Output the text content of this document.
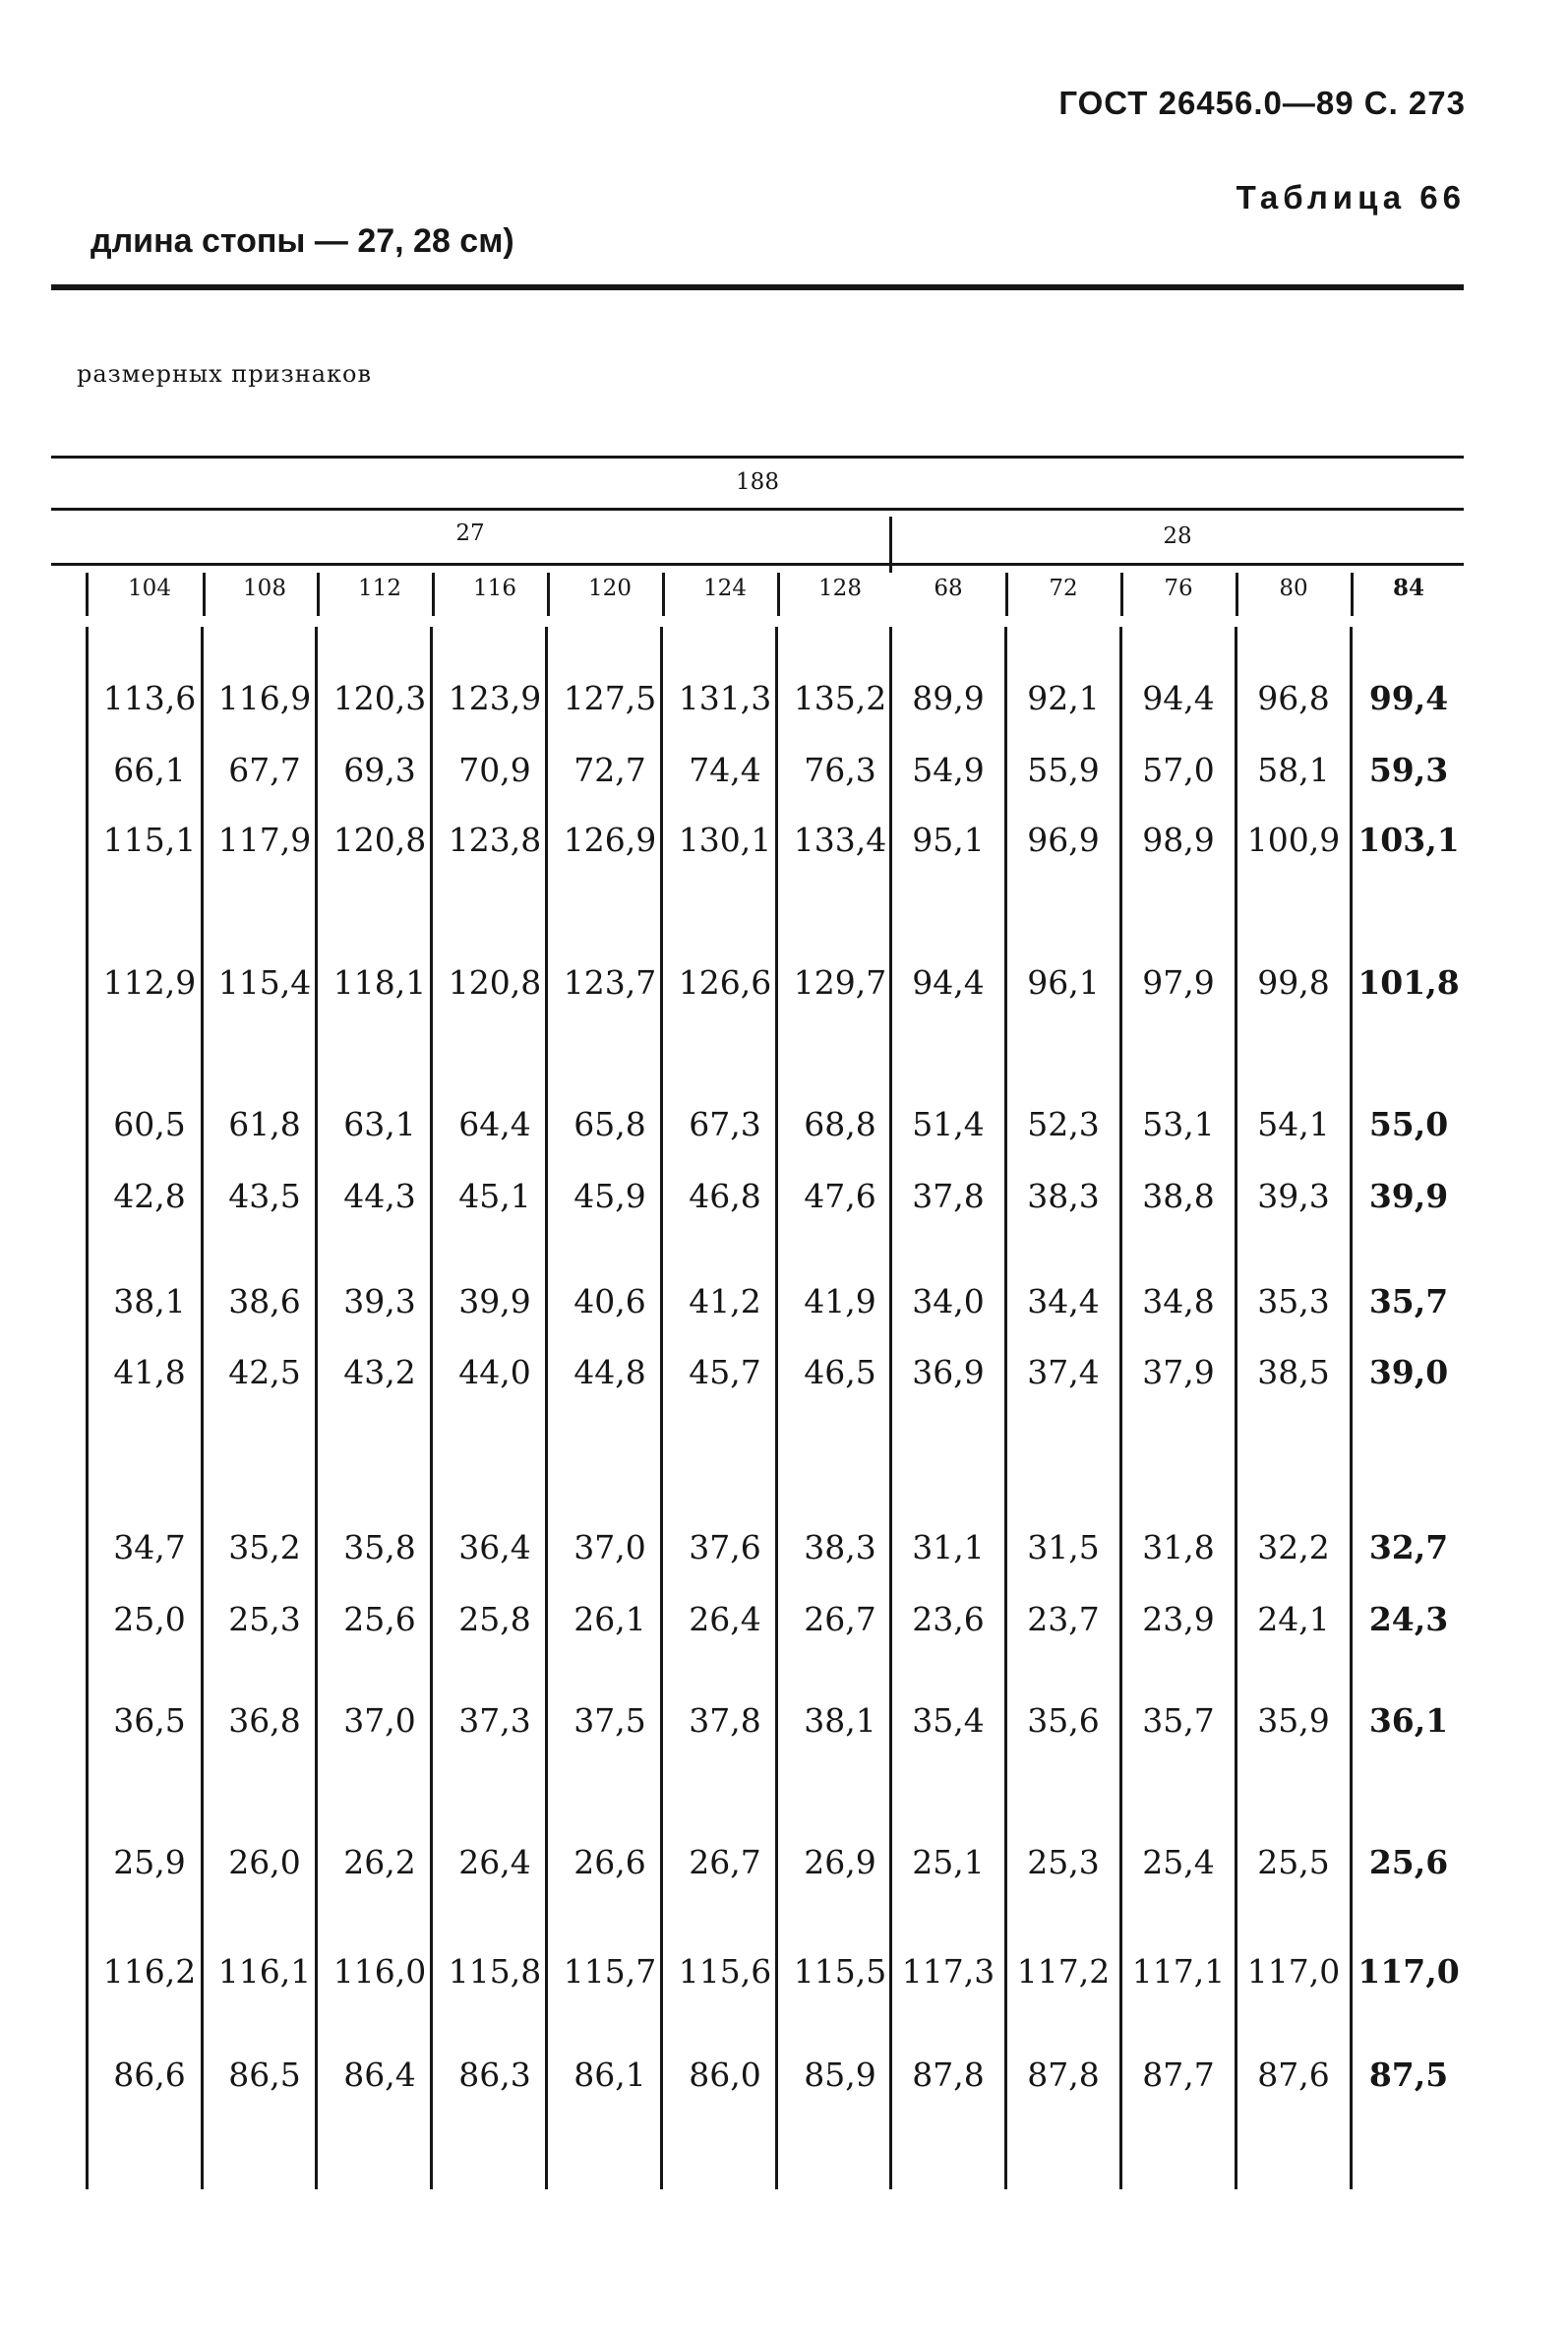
ГОСТ 26456.0—89 С. 273
Таблица 66
длина стопы — 27, 28 см)
размерных признаков
188
27	28
104	108	112	116	120	124	128	68	72	76	80	84
113,6 116,9 120,3 123,9 127,5 131,3 135,2 89,9	92,1	94,4	96,8	99,4
66,1	67,7	69,3	70,9	72,7	74,4	76,3	54,9	55,9	57,0	58,1	59,3
115,1 117,9 120,8 123,8 126,9 130,1 133,4 95,1	96,9	98,9	100,9 103,1
112,9 115,4 118,1 120,8 123,7 126,6 129,7 94,4	96,1	97,9	99,8 101,8
60,5	61,8	63,1	64,4	65,8	67,3	68,8	51,4	52,3	53,1	54,1	55,0
42,8	43,5	44,3	45,1	45,9	46,8	47,6	37,8	38,3	38,8	39,3	39,9
38,1	38,6	39,3	39,9	40,6	41,2	41,9	34,0	34,4	34,8	35,3	35,7
41,8	42,5	43,2	44,0	44,8	45,7	46,5	36,9	37,4	37,9	38,5	39,0
34,7	35,2	35,8	36,4	37,0	37,6	38,3	31,1	31,5	31,8	32,2	32,7
25,0	25,3	25,6	25,8	26,1	26,4	26,7	23,6	23,7	23,9	24,1	24,3
36,5	36,8	37,0	37,3	37,5	37,8	38,1	35,4	35,6	35,7	35,9	36,1
25,9	26,0	26,2	26,4	26,6	26,7	26,9	25,1	25,3	25,4	25,5	25,6
116,2 116,1 116,0 115,8 115,7 115,6 115,5 117,3 117,2 117,1 117,0 117,0
86,6	86,5	86,4	86,3	86,1	86,0	85,9	87,8	87,8	87,7	87,6	87,5
